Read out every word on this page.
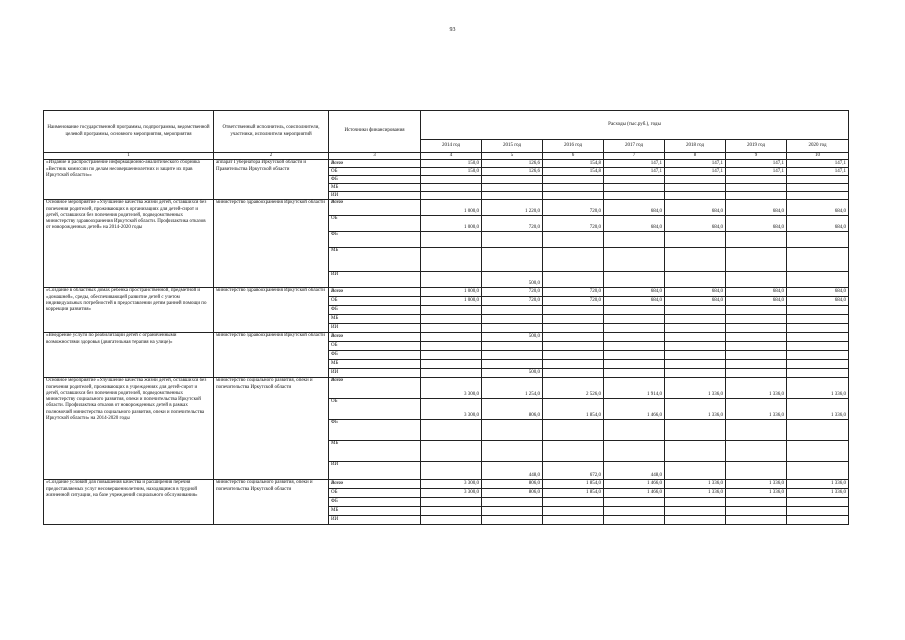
93
Наименование государственной программы, подпрограммы, ведомственной целевой программы, основного мероприятия, мероприятия	Ответственный исполнитель, соисполнители, участники, исполнители мероприятий	Источники финансирования	Расходы (тыс.руб.), годы						
			2014 год	2015 год	2016 год	2017 год	2018 год	2019 год	2020 год
1	2	3	4	5	6	7	8	9	10
«Издание и распространение информационно-аналитического сборника «Вестник комиссии по делам несовершеннолетних и защите их прав Иркутской области»»	аппарат Губернатора Иркутской области и Правительства Иркутской области	Всего	150,0	126,6	154,8	147,1	147,1	147,1	147,1
		ОБ	150,0	126,6	154,8	147,1	147,1	147,1	147,1
		ФБ							
		МБ							
		ИИ							
Основное мероприятие «Улучшение качества жизни детей, оставшихся без попечения родителей, проживающих в организациях для детей-сирот и детей, оставшихся без попечения родителей, подведомственных министерству здравоохранения Иркутской области. Профилактика отказов от новорожденных детей» на 2014-2020 годы	министерство здравоохранения Иркутской области	Всего	1 000,0	1 220,0	720,0	684,0	684,0	684,0	684,0
		ОБ	1 000,0	720,0	720,0	684,0	684,0	684,0	684,0
		ФБ							
		МБ							
		ИИ		500,0					
«Создание в областных домах ребенка пространственной, предметной и «домашней», среды, обеспечивающей развитие детей с учетом индивидуальных потребностей в предоставлении детям ранней помощи по коррекции развития»	министерство здравоохранения Иркутской области	Всего	1 000,0	720,0	720,0	684,0	684,0	684,0	684,0
		ОБ	1 000,0	720,0	720,0	684,0	684,0	684,0	684,0
		ФБ							
		МБ							
		ИИ							
«Внедрение услуги по реабилитации детей с ограниченными возможностями здоровья (двигательная терапия на улице)»	министерство здравоохранения Иркутской области	Всего		500,0					
		ОБ							
		ФБ							
		МБ							
		ИИ		500,0					
Основное мероприятие «Улучшение качества жизни детей, оставшихся без попечения родителей, проживающих в учреждениях для детей-сирот и детей, оставшихся без попечения родителей, подведомственных министерству социального развития, опеки и попечительства Иркутской области. Профилактика отказов от новорожденных детей в рамках полномочий министерства социального развития, опеки и попечительства Иркутской области» на 2014-2020 годы	министерство социального развития, опеки и попечительства Иркутской области	Всего	3 300,0	1 254,0	2 526,0	1 914,0	1 336,0	1 336,0	1 336,0
		ОБ	3 300,0	806,0	1 854,0	1 466,0	1 336,0	1 336,0	1 336,0
		ФБ							
		МБ							
		ИИ		448,0	672,0	448,0			
«Создание условий для повышения качества и расширения перечня предоставляемых услуг несовершеннолетним, находящимся в трудной жизненной ситуации, на базе учреждений социального обслуживания»	министерство социального развития, опеки и попечительства Иркутской области	Всего	3 300,0	806,0	1 854,0	1 466,0	1 336,0	1 336,0	1 336,0
		ОБ	3 300,0	806,0	1 854,0	1 466,0	1 336,0	1 336,0	1 336,0
		ФБ							
		МБ							
		ИИ							
